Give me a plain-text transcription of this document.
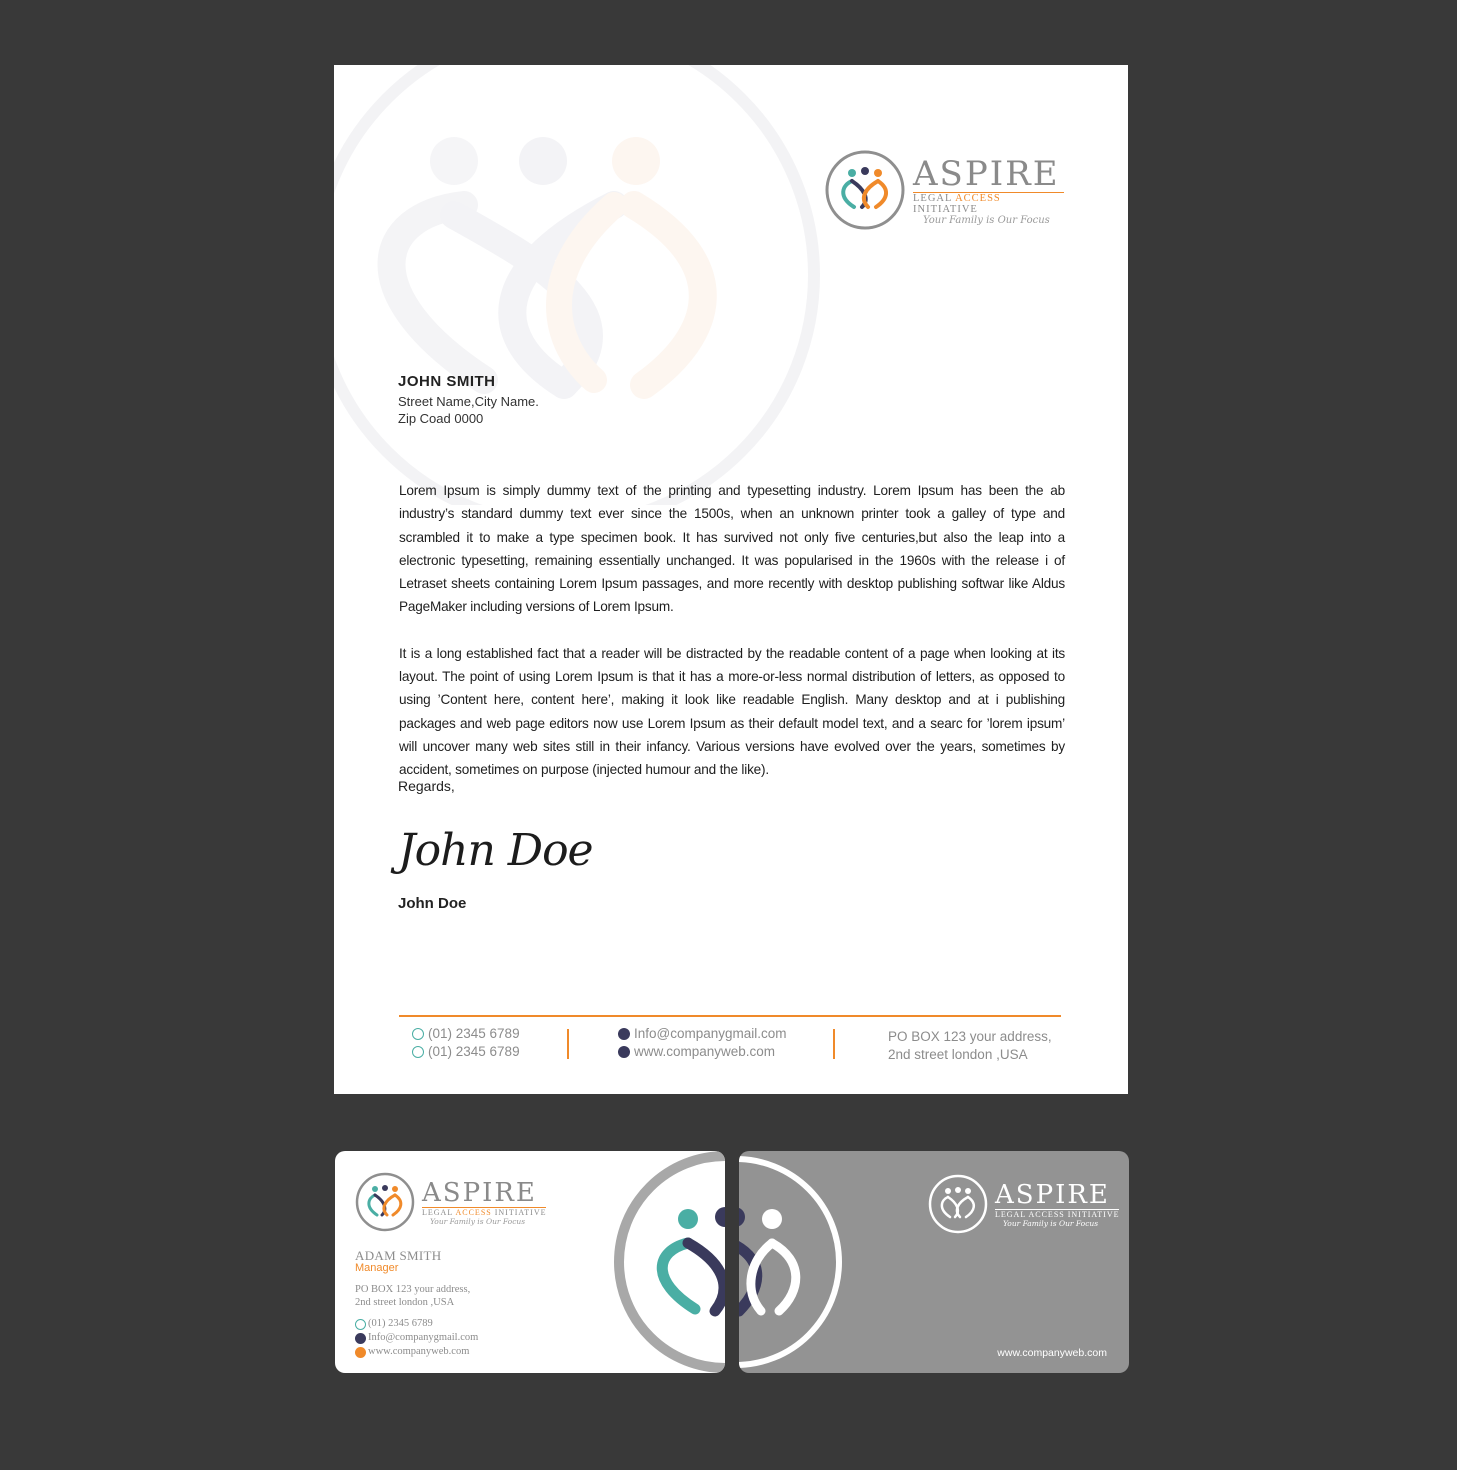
ASPIRE
LEGAL ACCESS INITIATIVE
Your Family is Our Focus
JOHN SMITH
Street Name,City Name.
Zip Coad 0000

Lorem Ipsum is simply dummy text of the printing and typesetting industry. Lorem Ipsum has been the ab industry’s standard dummy text ever since the 1500s, when an unknown printer took a galley of type and scrambled it to make a type specimen book. It has survived not only five centuries,but also the leap into a electronic typesetting, remaining essentially unchanged. It was popularised in the 1960s with the release i of Letraset sheets containing Lorem Ipsum passages, and more recently with desktop publishing softwar like Aldus PageMaker including versions of Lorem Ipsum.

It is a long established fact that a reader will be distracted by the readable content of a page when looking at its layout. The point of using Lorem Ipsum is that it has a more-or-less normal distribution of letters, as opposed to using ’Content here, content here’, making it look like readable English. Many desktop and at i publishing packages and web page editors now use Lorem Ipsum as their default model text, and a searc for ’lorem ipsum’ will uncover many web sites still in their infancy. Various versions have evolved over the years, sometimes by accident, sometimes on purpose (injected humour and the like).

Regards,
John Doe
John Doe
(01) 2345 6789
(01) 2345 6789
Info@companygmail.com
www.companyweb.com
PO BOX 123 your address,
2nd street london ,USA
ASPIRE
LEGAL ACCESS INITIATIVE
Your Family is Our Focus
ADAM SMITH
Manager
PO BOX 123 your address,
2nd street london ,USA
(01) 2345 6789
Info@companygmail.com
www.companyweb.com
ASPIRE
LEGAL ACCESS INITIATIVE
Your Family is Our Focus
www.companyweb.com
